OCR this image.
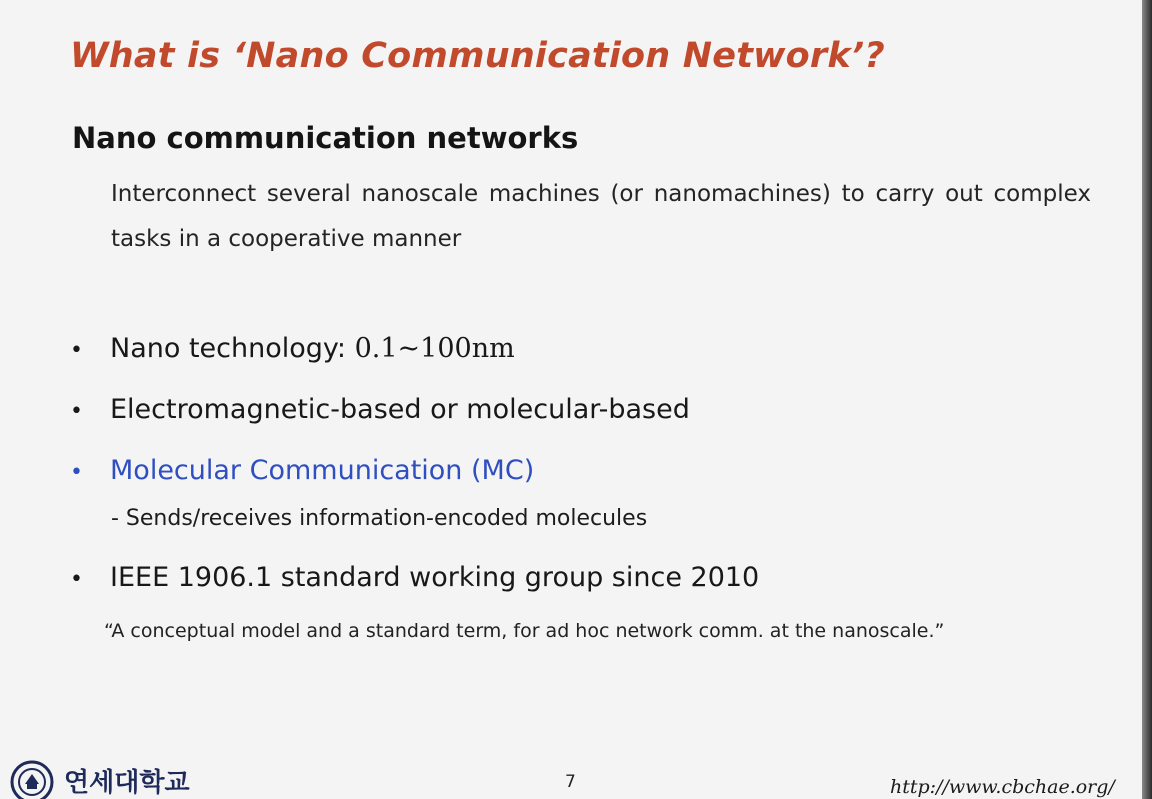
What is ‘Nano Communication Network’?
Nano communication networks
Interconnect several nanoscale machines (or nanomachines) to carry out complex tasks in a cooperative manner
• Nano technology: 0.1~100nm
• Electromagnetic-based or molecular-based
• Molecular Communication (MC)
- Sends/receives information-encoded molecules
• IEEE 1906.1 standard working group since 2010
“A conceptual model and a standard term, for ad hoc network comm. at the nanoscale.”
연세대학교	7	http://www.cbchae.org/
